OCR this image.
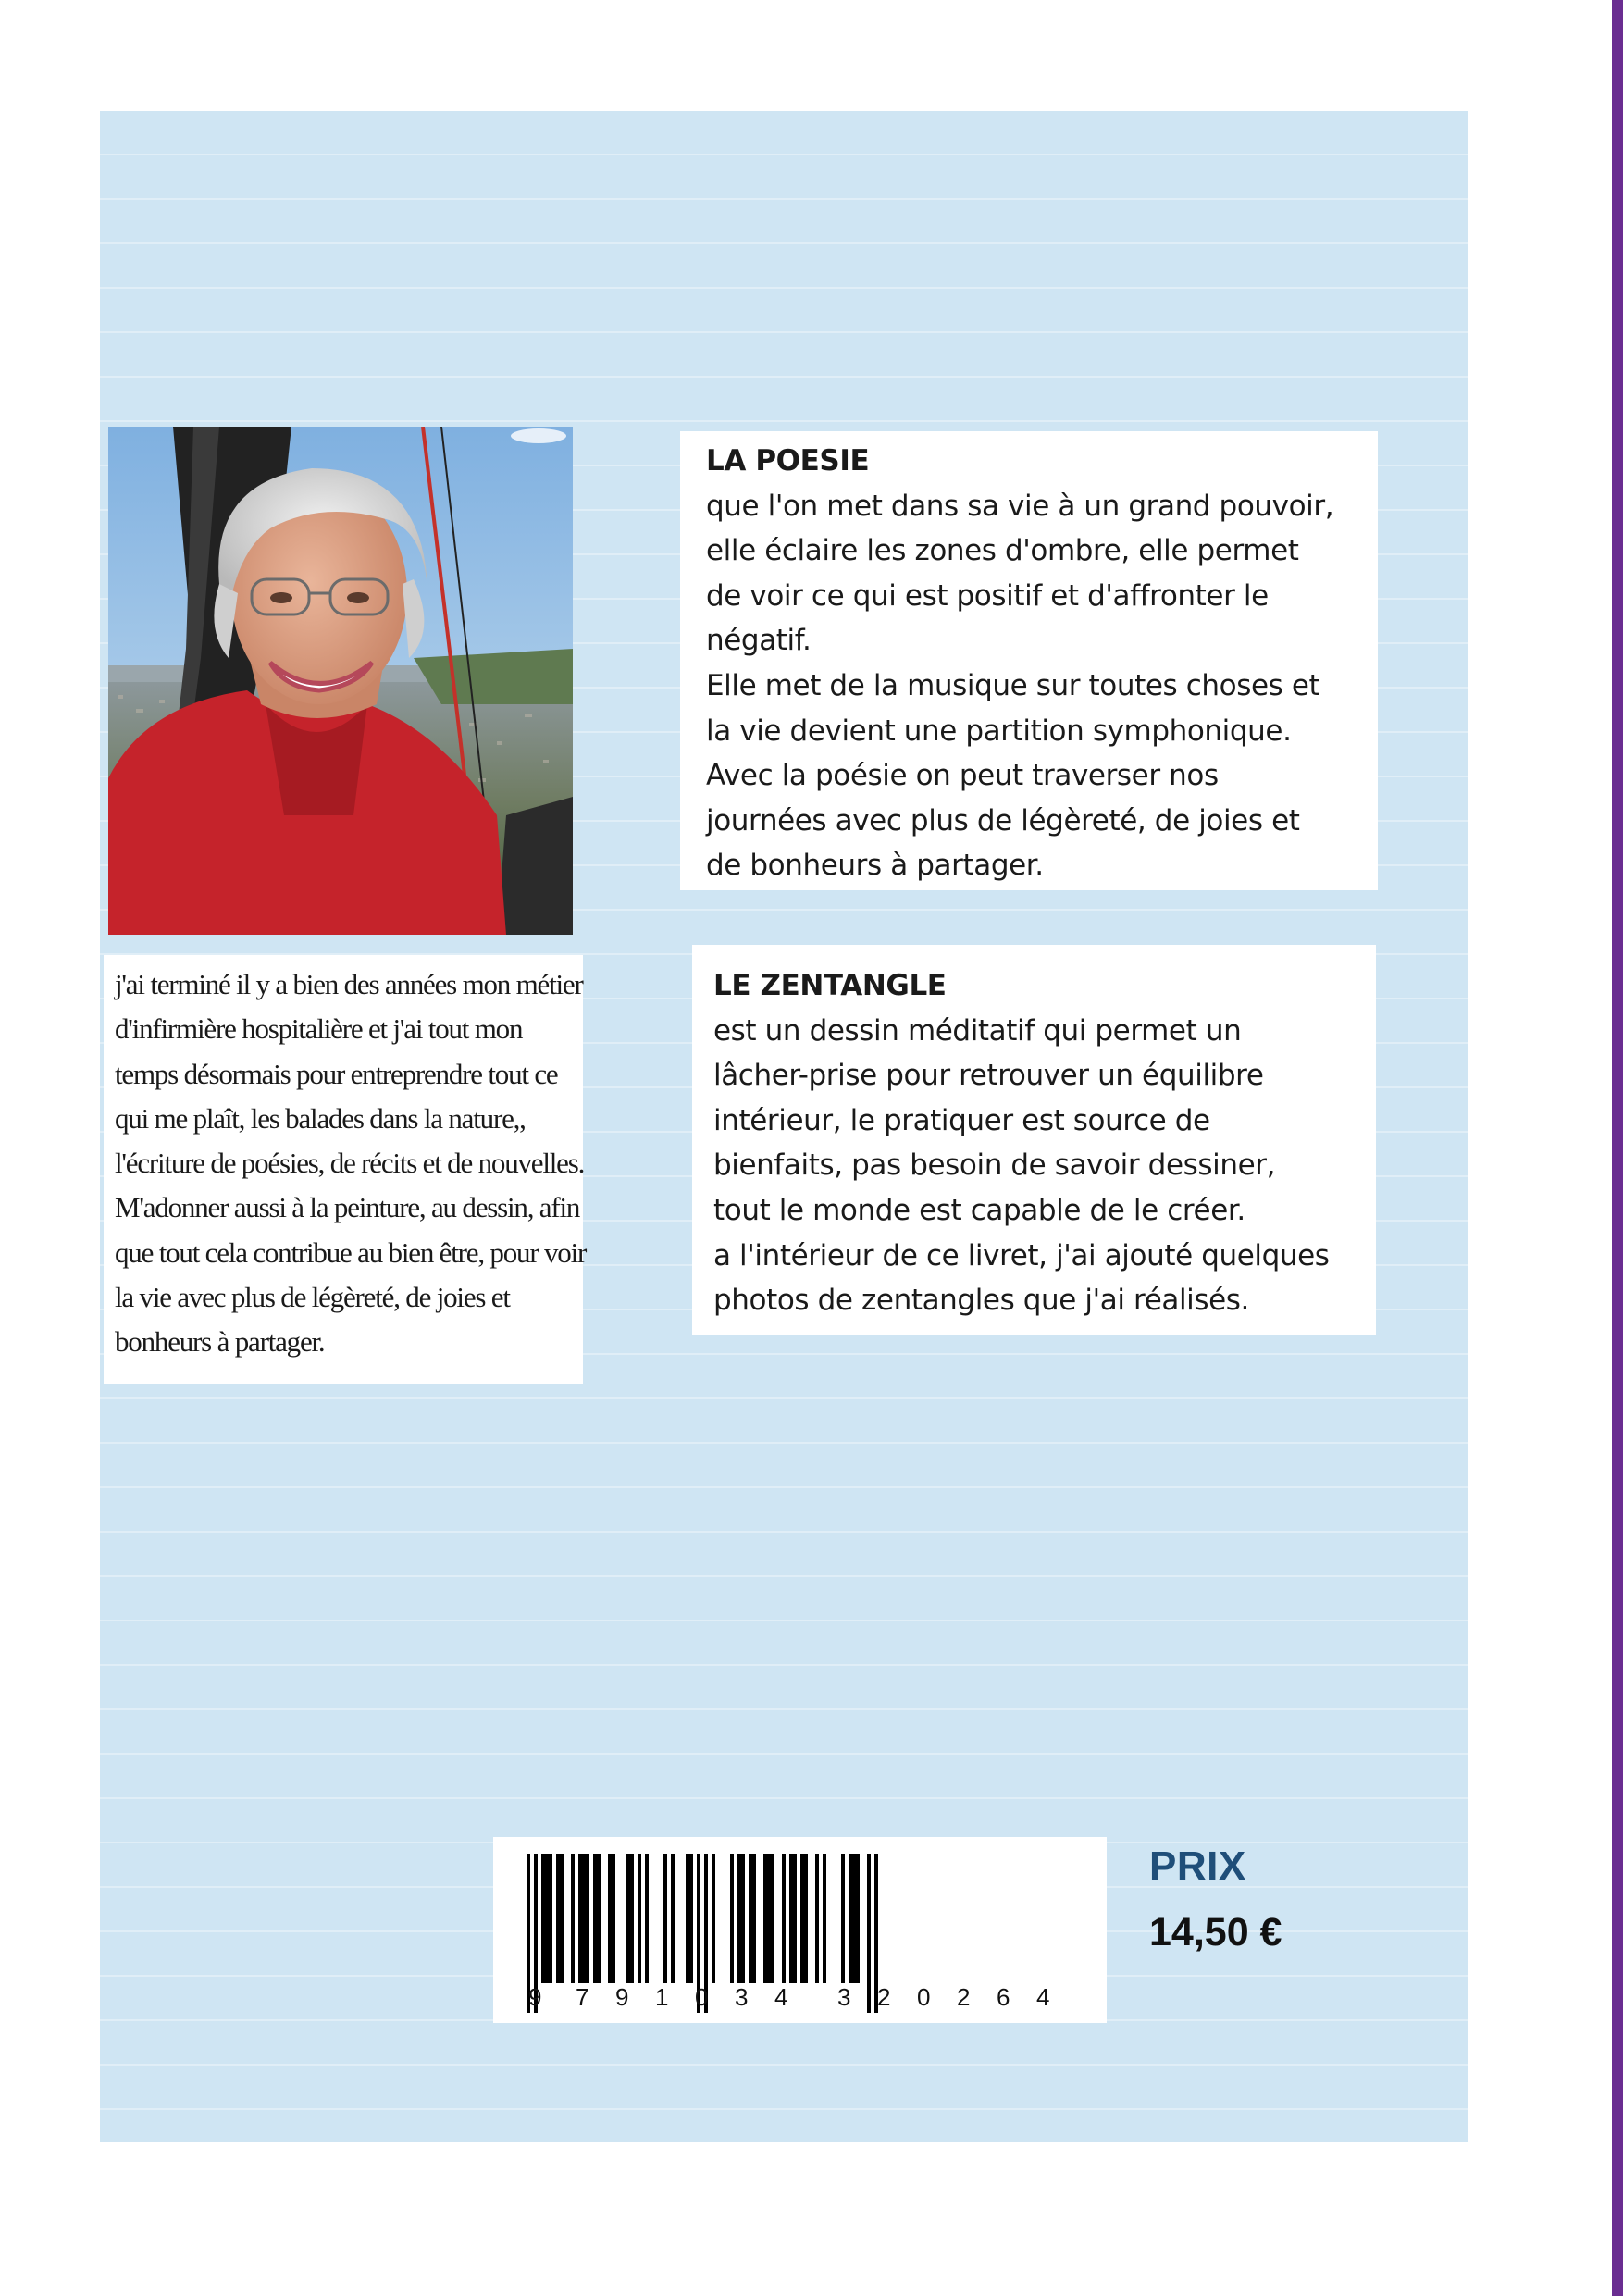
j'ai terminé il y a bien des années mon métier
d'infirmière hospitalière et j'ai tout mon
temps désormais pour entreprendre tout ce
qui me plaît, les balades dans la nature,,
l'écriture de poésies, de récits et de nouvelles.
M'adonner aussi à la peinture, au dessin, afin
que tout cela contribue au bien être, pour voir
la vie avec plus de légèreté, de joies et
bonheurs à partager.
LA POESIE
que l'on met dans sa vie à un grand pouvoir,
elle éclaire les zones d'ombre, elle permet
de voir ce qui est positif et d'affronter le
négatif.
Elle met de la musique sur toutes choses et
la vie devient une partition symphonique.
Avec la poésie on peut traverser nos
journées avec plus de légèreté, de joies et
de bonheurs à partager.
LE ZENTANGLE
est un dessin méditatif qui permet un
lâcher-prise pour retrouver un équilibre
intérieur, le pratiquer est source de
bienfaits, pas besoin de savoir dessiner,
tout le monde est capable de le créer.
a l'intérieur de ce livret, j'ai ajouté quelques
photos de zentangles que j'ai réalisés.
9 7 9 1 0 3 4 3 2 0 2 6 4
PRIX
14,50 €
